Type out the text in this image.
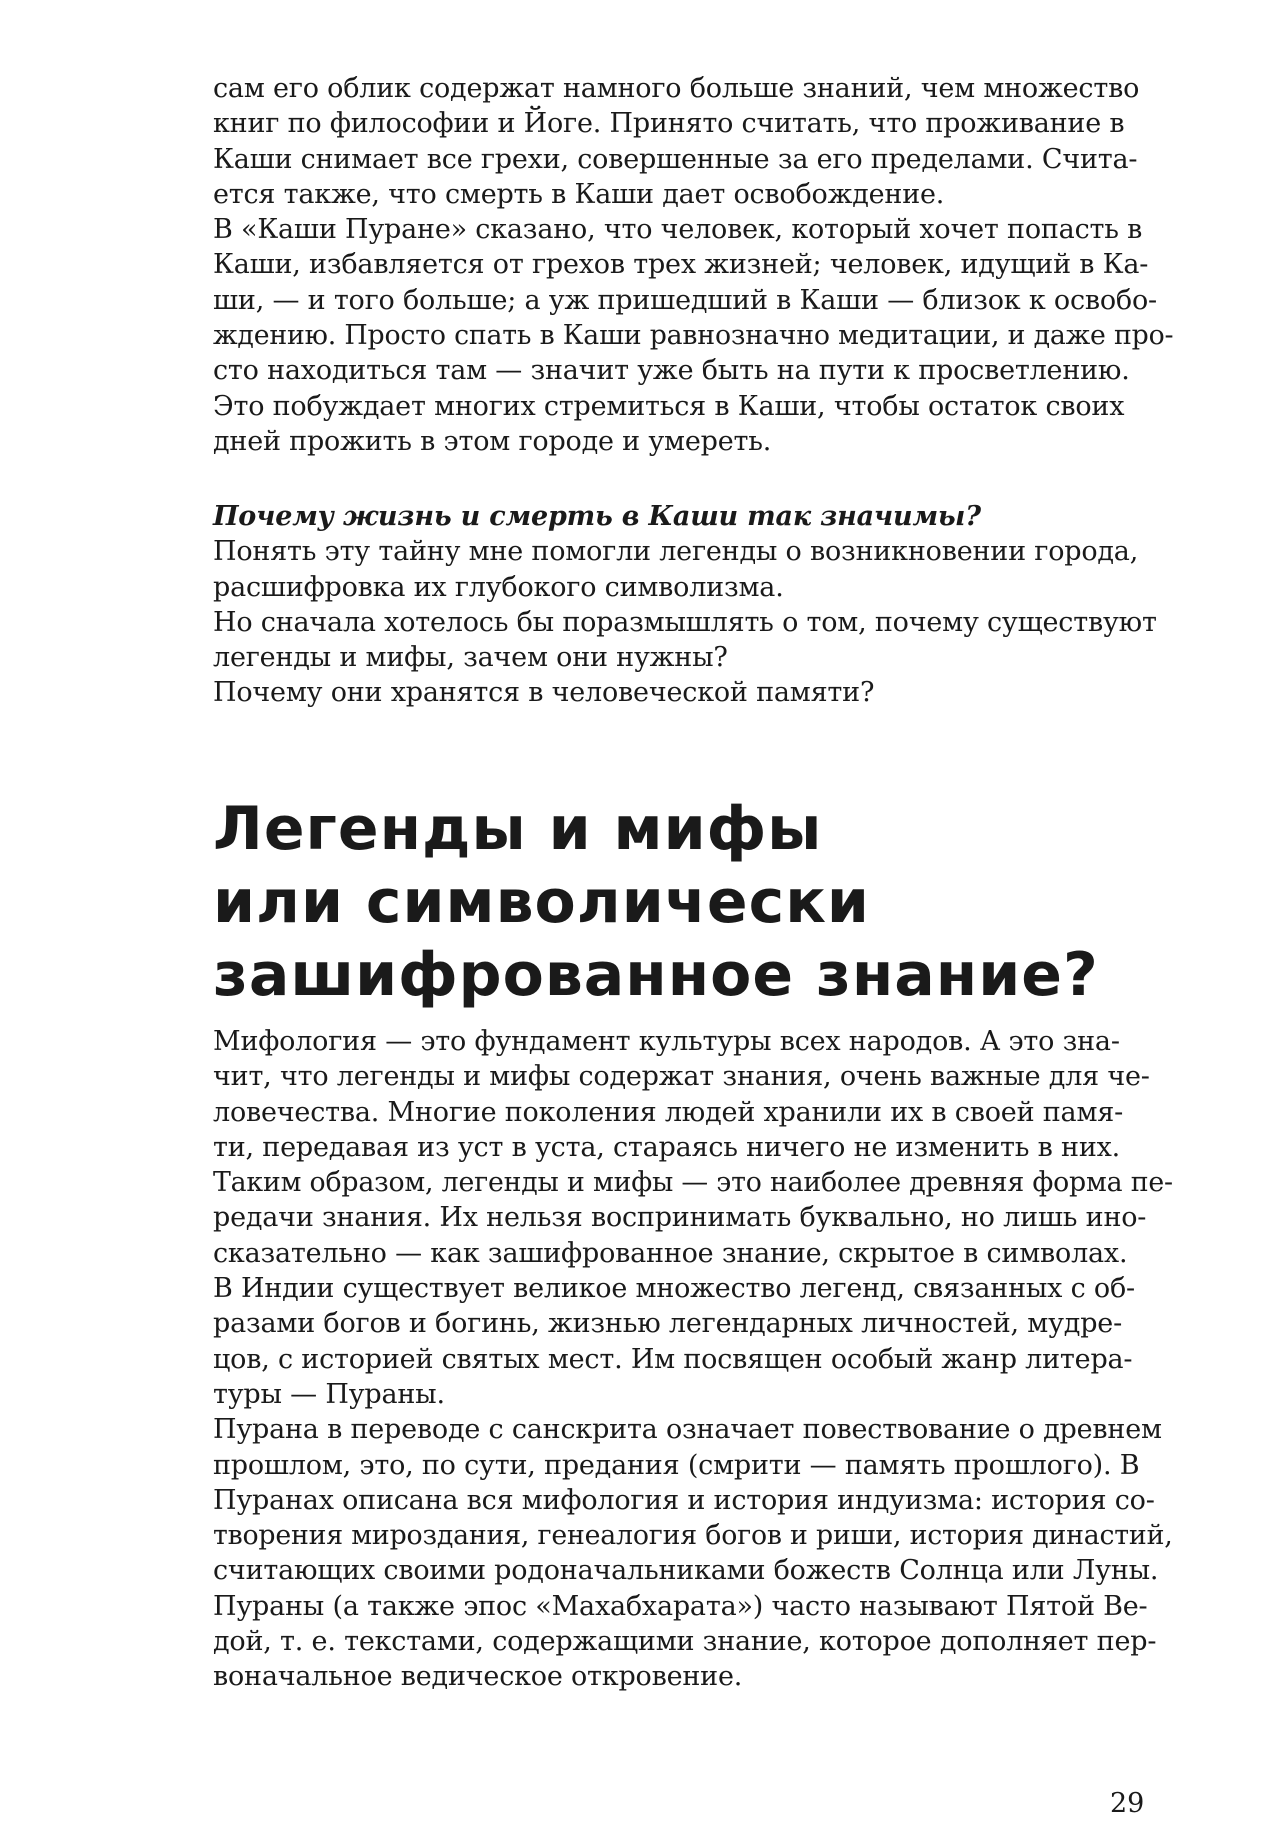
сам его облик содержат намного больше знаний, чем множество
книг по философии и Йоге. Принято считать, что проживание в
Каши снимает все грехи, совершенные за его пределами. Счита-
ется также, что смерть в Каши дает освобождение.
В «Каши Пуране» сказано, что человек, который хочет попасть в
Каши, избавляется от грехов трех жизней; человек, идущий в Ка-
ши, — и того больше; а уж пришедший в Каши — близок к освобо-
ждению. Просто спать в Каши равнозначно медитации, и даже про-
сто находиться там — значит уже быть на пути к просветлению.
Это побуждает многих стремиться в Каши, чтобы остаток своих
дней прожить в этом городе и умереть.
Почему жизнь и смерть в Каши так значимы?
Понять эту тайну мне помогли легенды о возникновении города,
расшифровка их глубокого символизма.
Но сначала хотелось бы поразмышлять о том, почему существуют
легенды и мифы, зачем они нужны?
Почему они хранятся в человеческой памяти?
Легенды и мифы
или символически
зашифрованное знание?
Мифология — это фундамент культуры всех народов. А это зна-
чит, что легенды и мифы содержат знания, очень важные для че-
ловечества. Многие поколения людей хранили их в своей памя-
ти, передавая из уст в уста, стараясь ничего не изменить в них.
Таким образом, легенды и мифы — это наиболее древняя форма пе-
редачи знания. Их нельзя воспринимать буквально, но лишь ино-
сказательно — как зашифрованное знание, скрытое в символах.
В Индии существует великое множество легенд, связанных с об-
разами богов и богинь, жизнью легендарных личностей, мудре-
цов, с историей святых мест. Им посвящен особый жанр литера-
туры — Пураны.
Пурана в переводе с санскрита означает повествование о древнем
прошлом, это, по сути, предания (смрити — память прошлого). В
Пуранах описана вся мифология и история индуизма: история со-
творения мироздания, генеалогия богов и риши, история династий,
считающих своими родоначальниками божеств Солнца или Луны.
Пураны (а также эпос «Махабхарата») часто называют Пятой Ве-
дой, т. е. текстами, содержащими знание, которое дополняет пер-
воначальное ведическое откровение.
29
